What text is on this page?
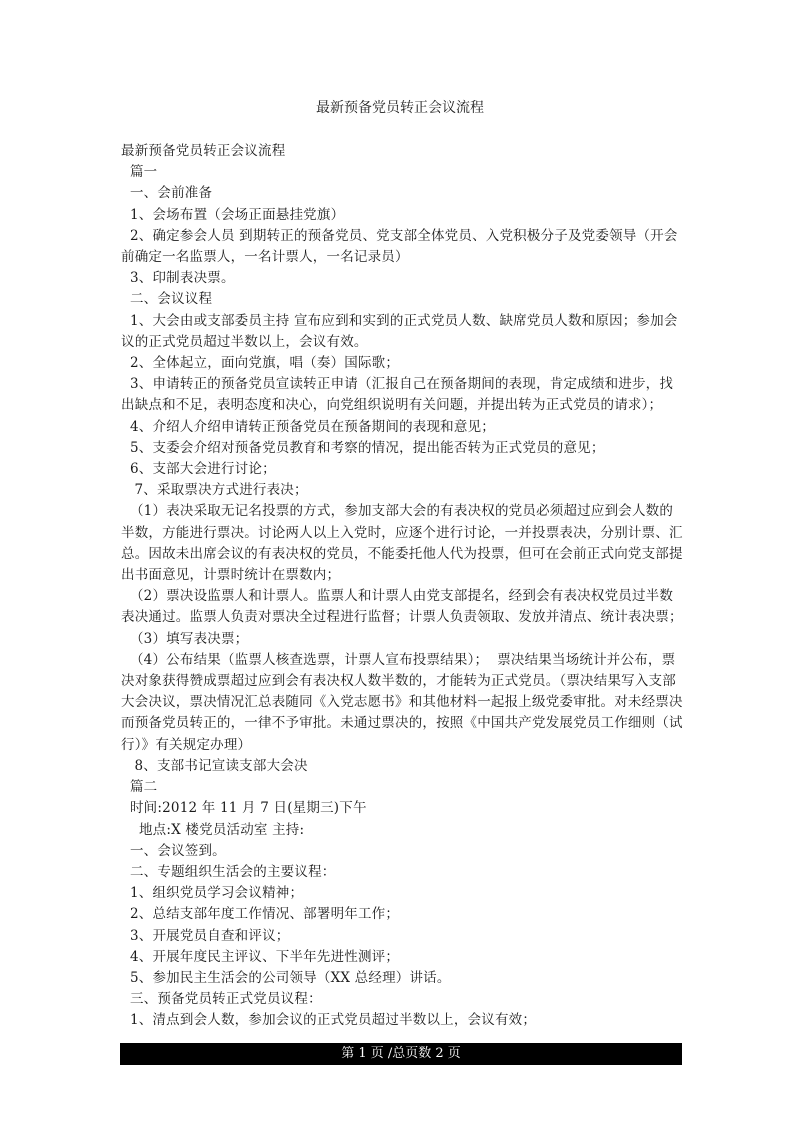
最新预备党员转正会议流程

最新预备党员转正会议流程

篇一

一、会前准备

1、会场布置（会场正面悬挂党旗）

2、确定参会人员 到期转正的预备党员、党支部全体党员、入党积极分子及党委领导（开会前确定一名监票人，一名计票人，一名记录员）

3、印制表决票。

二、会议议程

1、大会由或支部委员主持 宣布应到和实到的正式党员人数、缺席党员人数和原因；参加会议的正式党员超过半数以上，会议有效。

2、全体起立，面向党旗，唱（奏）国际歌；

3、申请转正的预备党员宣读转正申请（汇报自己在预备期间的表现，肯定成绩和进步，找出缺点和不足，表明态度和决心，向党组织说明有关问题，并提出转为正式党员的请求）；

4、介绍人介绍申请转正预备党员在预备期间的表现和意见；

5、支委会介绍对预备党员教育和考察的情况，提出能否转为正式党员的意见；

6、支部大会进行讨论；

7、采取票决方式进行表决；

（1）表决采取无记名投票的方式，参加支部大会的有表决权的党员必须超过应到会人数的半数，方能进行票决。讨论两人以上入党时，应逐个进行讨论，一并投票表决，分别计票、汇总。因故未出席会议的有表决权的党员，不能委托他人代为投票，但可在会前正式向党支部提出书面意见，计票时统计在票数内；

（2）票决设监票人和计票人。监票人和计票人由党支部提名，经到会有表决权党员过半数表决通过。监票人负责对票决全过程进行监督；计票人负责领取、发放并清点、统计表决票；

（3）填写表决票；

（4）公布结果（监票人核查选票，计票人宣布投票结果）；  票决结果当场统计并公布，票决对象获得赞成票超过应到会有表决权人数半数的，才能转为正式党员。（票决结果写入支部大会决议，票决情况汇总表随同《入党志愿书》和其他材料一起报上级党委审批。对未经票决而预备党员转正的，一律不予审批。未通过票决的，按照《中国共产党发展党员工作细则（试行）》有关规定办理）

8、支部书记宣读支部大会决

篇二

时间:2012 年 11 月 7 日(星期三)下午

地点:X 楼党员活动室 主持:

一、会议签到。

二、专题组织生活会的主要议程：

1、组织党员学习会议精神；

2、总结支部年度工作情况、部署明年工作；

3、开展党员自查和评议；

4、开展年度民主评议、下半年先进性测评；

5、参加民主生活会的公司领导（XX 总经理）讲话。

三、预备党员转正式党员议程：

1、清点到会人数，参加会议的正式党员超过半数以上，会议有效；

第 1 页 /总页数 2 页
